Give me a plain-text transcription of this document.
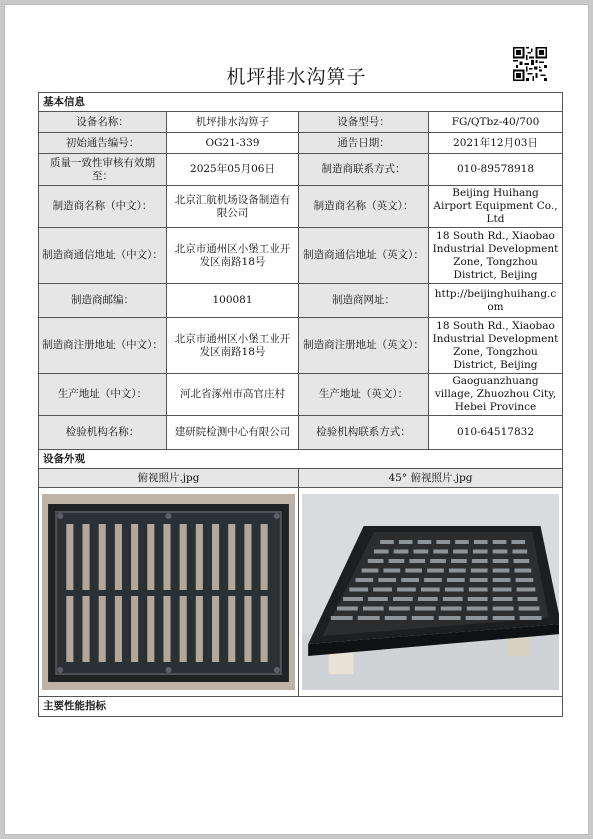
机坪排水沟箅子
基本信息			
设备名称：	机坪排水沟箅子	设备型号：	FG/QTbz-40/700
初始通告编号：	OG21-339	通告日期：	2021年12月03日
质量一致性审核有效期至：	2025年05月06日	制造商联系方式：	010-89578918
制造商名称（中文）：	北京汇航机场设备制造有限公司	制造商名称（英文）：	Beijing Huihang Airport Equipment Co., Ltd
制造商通信地址（中文）：	北京市通州区小堡工业开发区南路18号	制造商通信地址（英文）：	18 South Rd., Xiaobao Industrial Development Zone, Tongzhou District, Beijing
制造商邮编：	100081	制造商网址：	http://beijinghuihang.com
制造商注册地址（中文）：	北京市通州区小堡工业开发区南路18号	制造商注册地址（英文）：	18 South Rd., Xiaobao Industrial Development Zone, Tongzhou District, Beijing
生产地址（中文）：	河北省涿州市高官庄村	生产地址（英文）：	Gaoguanzhuang village, Zhuozhou City, Hebei Province
检验机构名称：	建研院检测中心有限公司	检验机构联系方式：	010-64517832
设备外观			
俯视照片.jpg		45° 俯视照片.jpg	

主要性能指标			
